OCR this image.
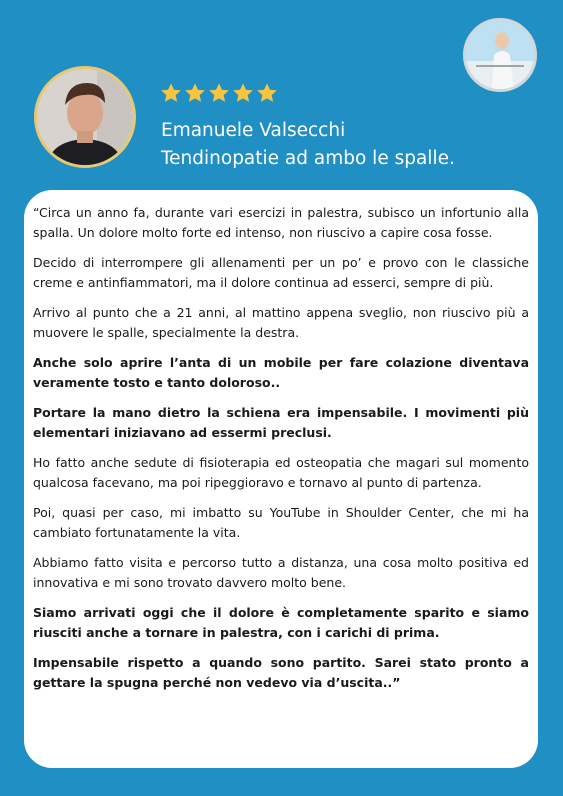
Emanuele Valsecchi
Tendinopatie ad ambo le spalle.

“Circa un anno fa, durante vari esercizi in palestra, subisco un infortunio alla spalla. Un dolore molto forte ed intenso, non riuscivo a capire cosa fosse.

Decido di interrompere gli allenamenti per un po’ e provo con le classiche creme e antinfiammatori, ma il dolore continua ad esserci, sempre di più.

Arrivo al punto che a 21 anni, al mattino appena sveglio, non riuscivo più a muovere le spalle, specialmente la destra.

Anche solo aprire l’anta di un mobile per fare colazione diventava veramente tosto e tanto doloroso..

Portare la mano dietro la schiena era impensabile. I movimenti più elementari iniziavano ad essermi preclusi.

Ho fatto anche sedute di fisioterapia ed osteopatia che magari sul momento qualcosa facevano, ma poi ripeggioravo e tornavo al punto di partenza.

Poi, quasi per caso, mi imbatto su YouTube in Shoulder Center, che mi ha cambiato fortunatamente la vita.

Abbiamo fatto visita e percorso tutto a distanza, una cosa molto positiva ed innovativa e mi sono trovato davvero molto bene.

Siamo arrivati oggi che il dolore è completamente sparito e siamo riusciti anche a tornare in palestra, con i carichi di prima.

Impensabile rispetto a quando sono partito. Sarei stato pronto a gettare la spugna perché non vedevo via d’uscita..”
